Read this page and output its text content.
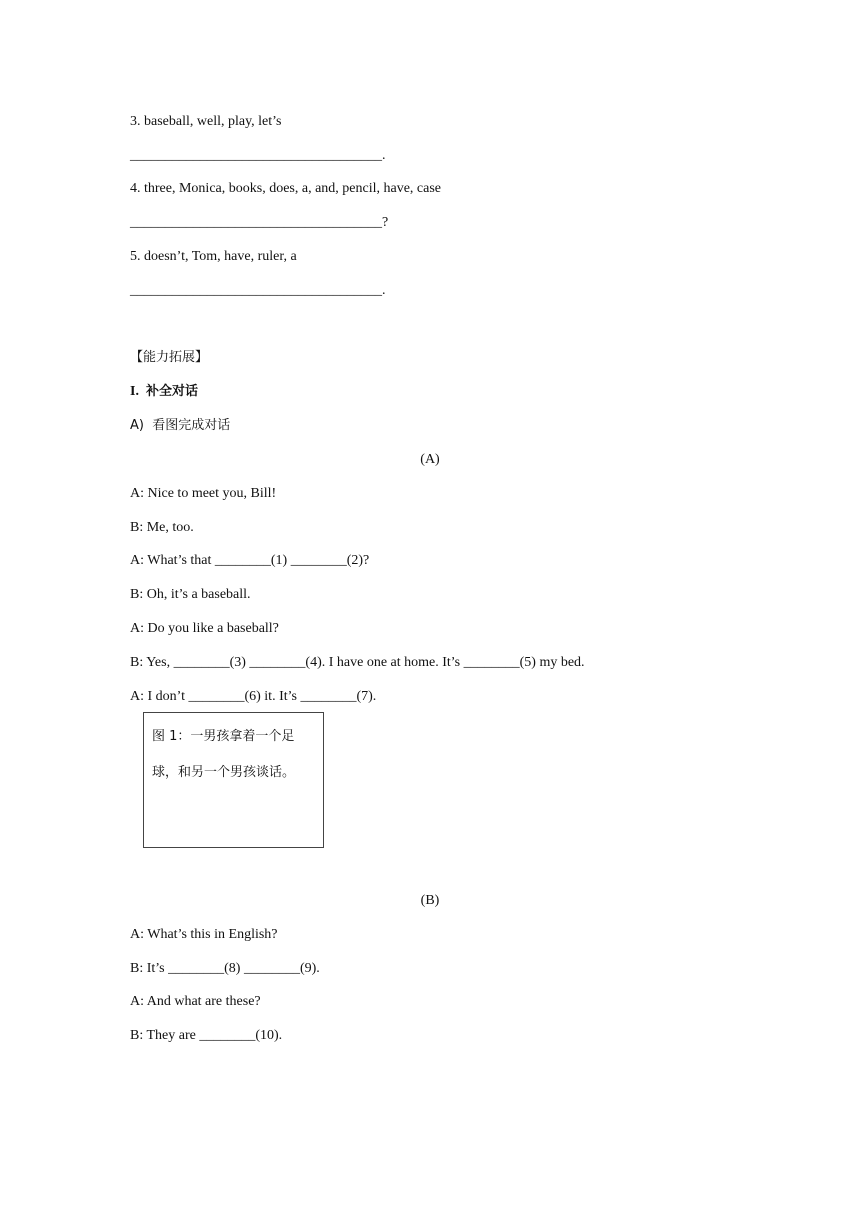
3. baseball, well, play, let’s
____________________________________.
4. three, Monica, books, does, a, and, pencil, have, case
____________________________________?
5. doesn’t, Tom, have, ruler, a
____________________________________.
【能力拓展】
I. 补全对话
A)  看图完成对话
(A)
A: Nice to meet you, Bill!
B: Me, too.
A: What’s that ________(1) ________(2)?
B: Oh, it’s a baseball.
A: Do you like a baseball?
B: Yes, ________(3) ________(4). I have one at home. It’s ________(5) my bed.
A: I don’t ________(6) it. It’s ________(7).
图 1：一男孩拿着一个足
球，和另一个男孩谈话。
(B)
A: What’s this in English?
B: It’s ________(8) ________(9).
A: And what are these?
B: They are ________(10).
